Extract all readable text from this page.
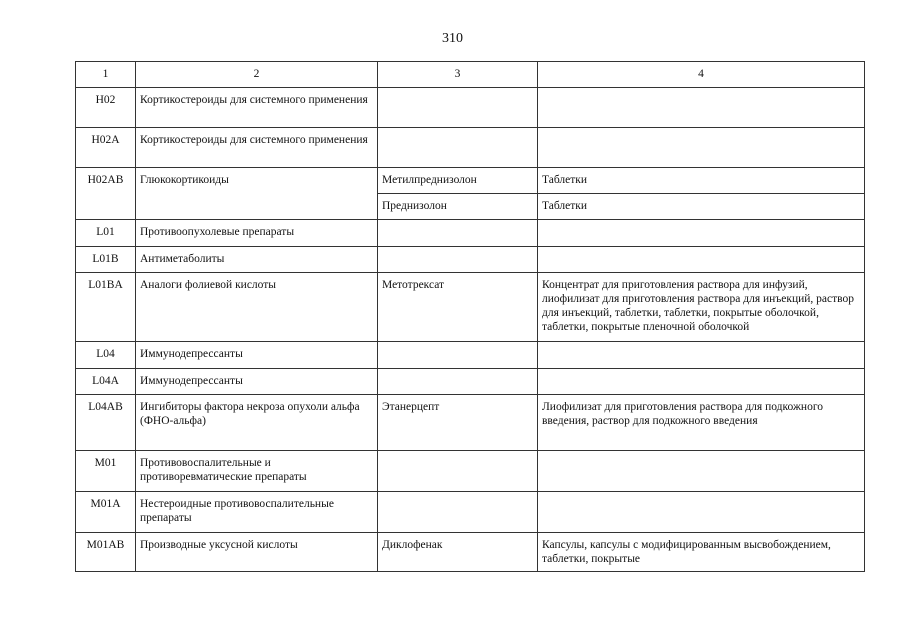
310
1	2	3	4
H02	Кортикостероиды для системного применения		
H02A	Кортикостероиды для системного применения		
H02AB	Глюкокортикоиды	Метилпреднизолон	Таблетки
		Преднизолон	Таблетки
L01	Противоопухолевые препараты		
L01B	Антиметаболиты		
L01BA	Аналоги фолиевой кислоты	Метотрексат	Концентрат для приготовления раствора для инфузий, лиофилизат для приготовления раствора для инъекций, раствор для инъекций, таблетки, таблетки, покрытые оболочкой, таблетки, покрытые пленочной оболочкой
L04	Иммунодепрессанты		
L04A	Иммунодепрессанты		
L04AB	Ингибиторы фактора некроза опухоли альфа (ФНО-альфа)	Этанерцепт	Лиофилизат для приготовления раствора для подкожного введения, раствор для подкожного введения
M01	Противовоспалительные и противоревматические препараты		
M01A	Нестероидные противовоспалительные препараты		
M01AB	Производные уксусной кислоты	Диклофенак	Капсулы, капсулы с модифицированным высвобождением, таблетки, покрытые
